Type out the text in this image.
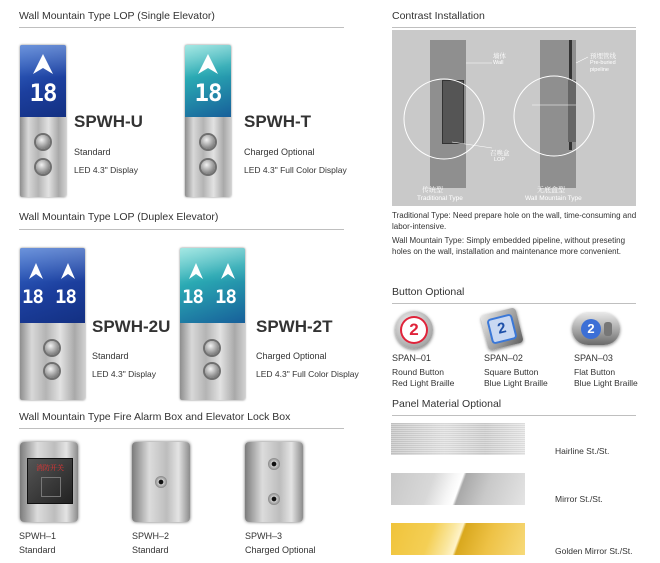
Wall Mountain Type LOP (Single Elevator)
18
SPWH-U
Standard
LED 4.3" Display
18
SPWH-T
Charged Optional
LED 4.3" Full Color Display
Wall Mountain Type LOP (Duplex Elevator)
18 18
SPWH-2U
Standard
LED 4.3" Display
18 18
SPWH-2T
Charged Optional
LED 4.3" Full Color Display
Wall Mountain Type Fire Alarm Box and Elevator Lock Box
消防开关
SPWH–1
Standard
SPWH–2
Standard
SPWH–3
Charged Optional
Contrast Installation
墙体
Wall
预埋管线
Pre-buried pipeline
召唤盒
LOP
传统型
Traditional Type
无底盒型
Wall Mountain Type
Traditional Type: Need prepare hole on the wall, time-consuming and labor-intensive.
Wall Mountain Type: Simply embedded pipeline, without preseting holes on the wall, installation and maintenance more convenient.
Button Optional
2	2	2
SPAN–01
Round Button
Red Light Braille
SPAN–02
Square Button
Blue Light Braille
SPAN–03
Flat Button
Blue Light Braille
Panel Material Optional
Hairline St./St.
Mirror St./St.
Golden Mirror St./St.
